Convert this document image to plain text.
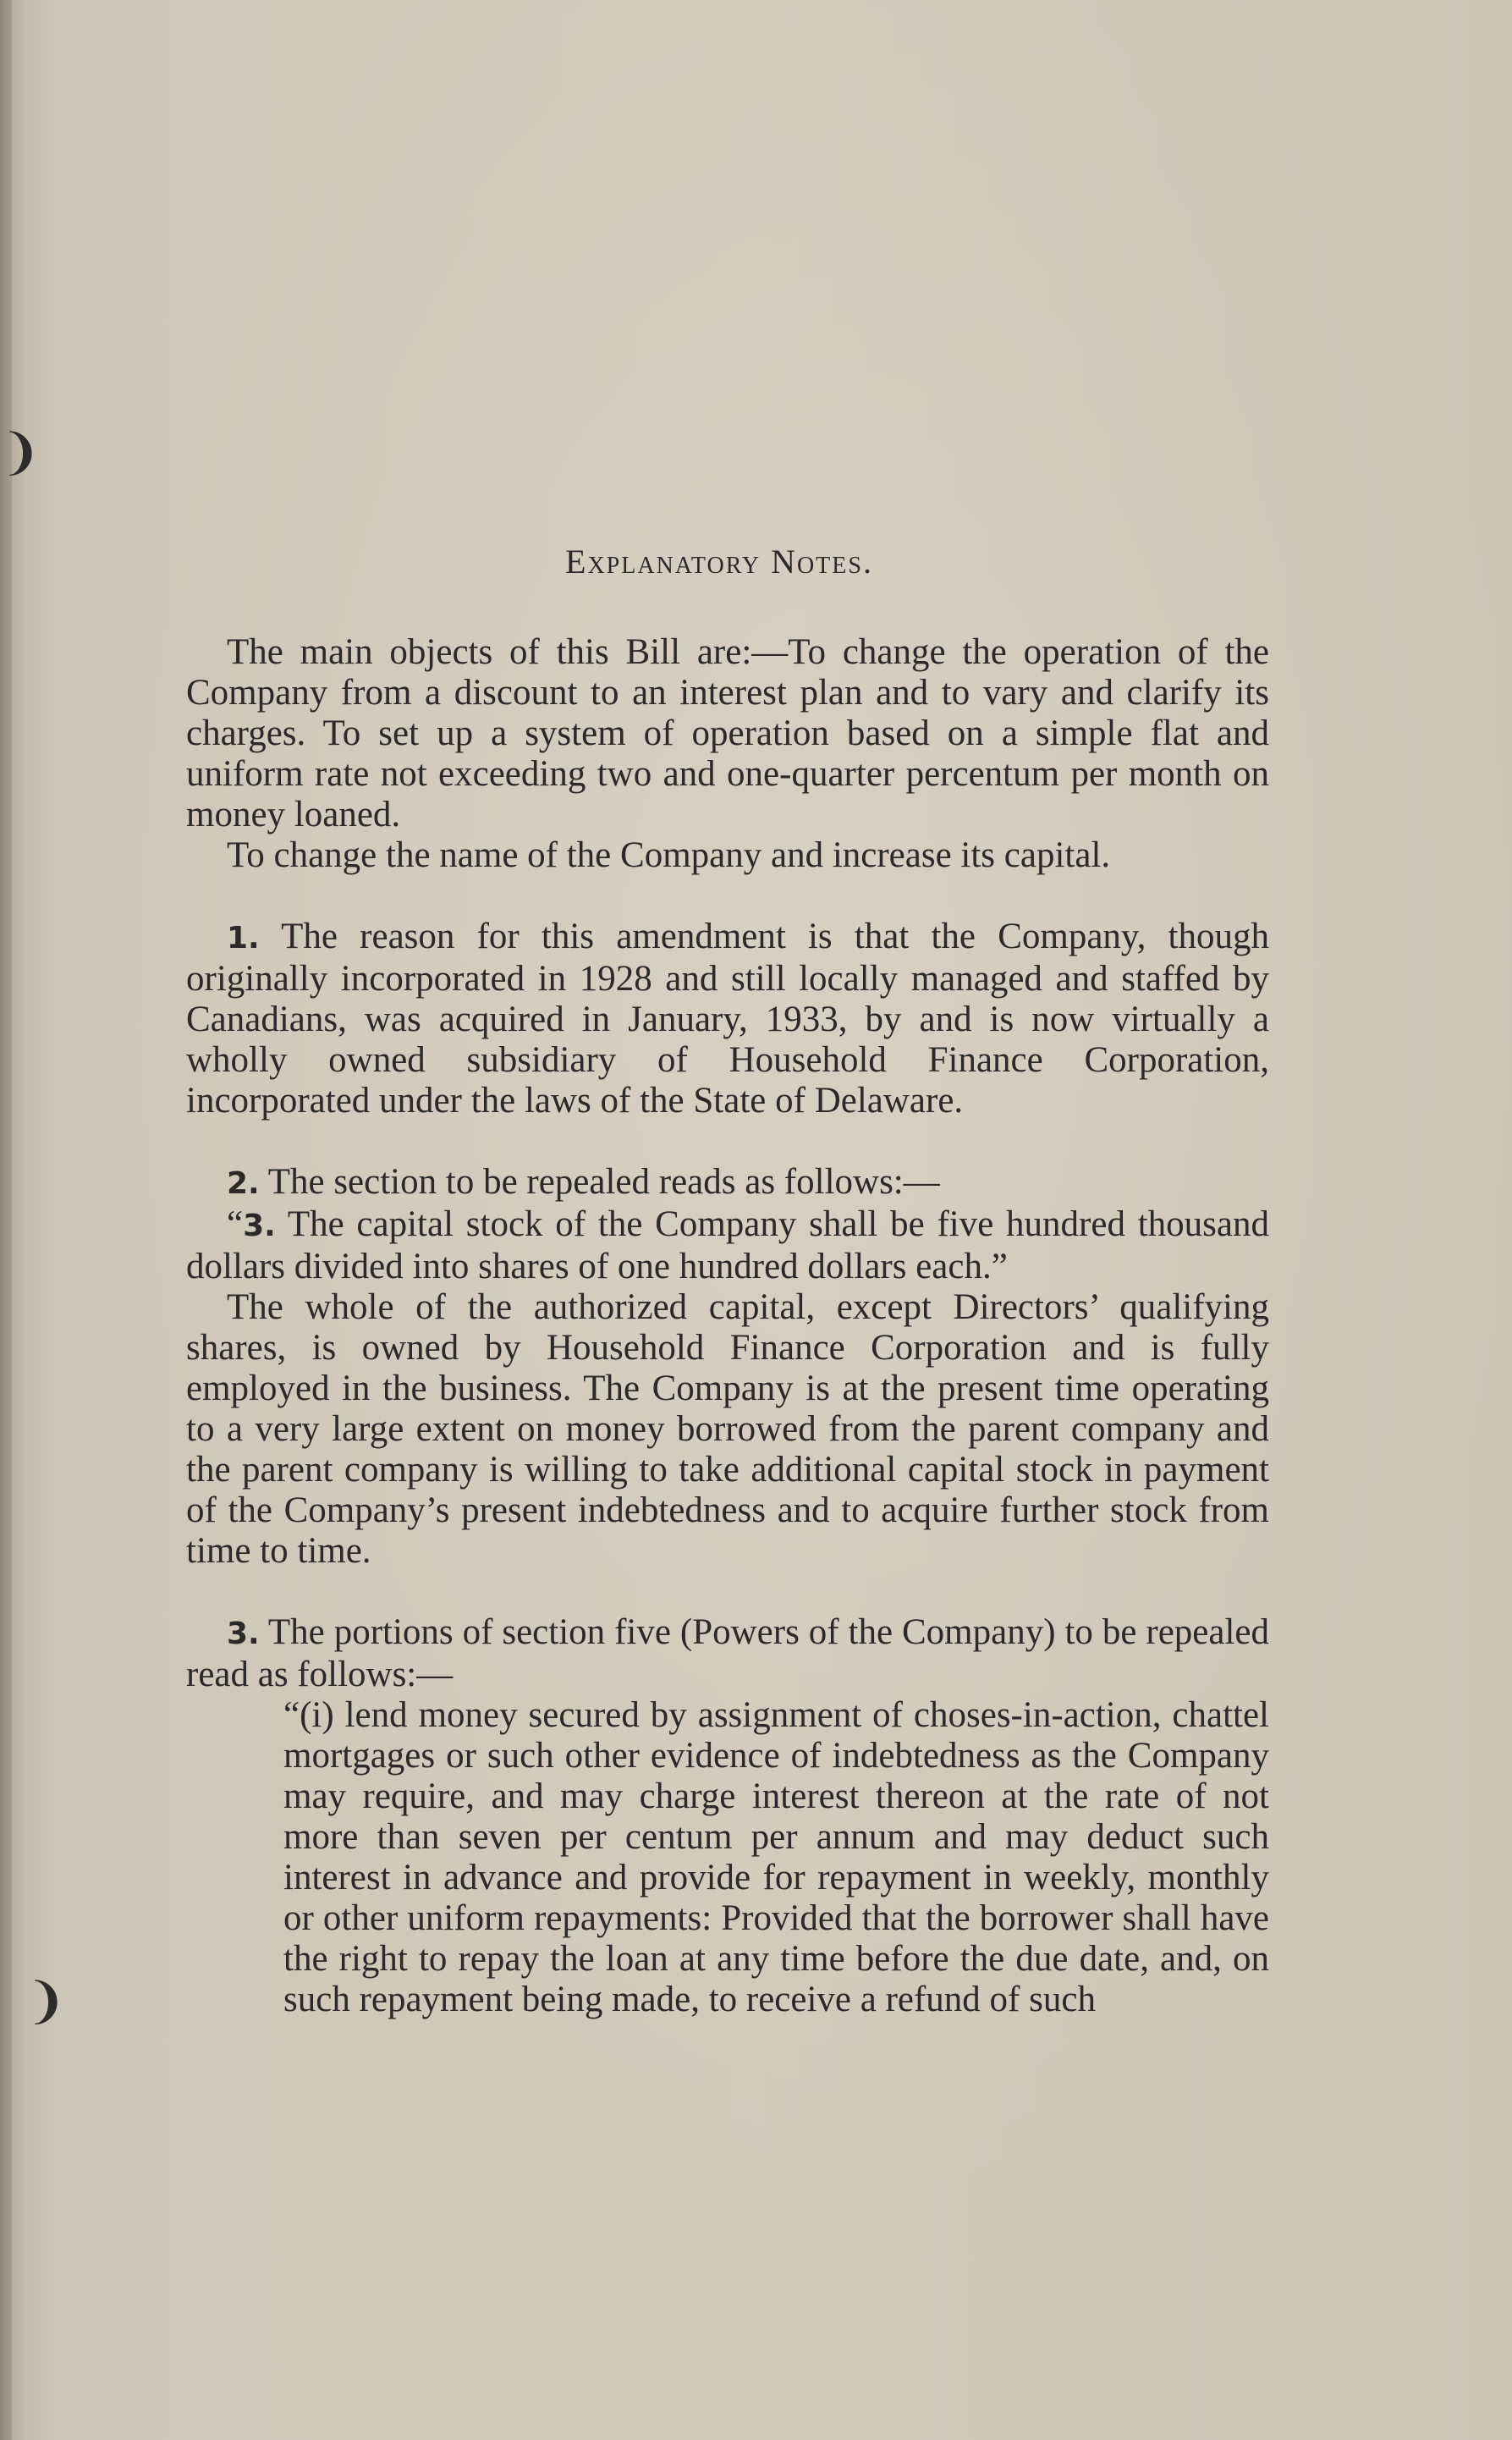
❩
❩
Explanatory Notes.

The main objects of this Bill are:—To change the operation of the Company from a discount to an interest plan and to vary and clarify its charges. To set up a system of operation based on a simple flat and uniform rate not exceeding two and one-quarter percentum per month on money loaned.

To change the name of the Company and increase its capital.

1. The reason for this amendment is that the Company, though originally incorporated in 1928 and still locally managed and staffed by Canadians, was acquired in January, 1933, by and is now virtually a wholly owned subsidiary of Household Finance Corporation, incorporated under the laws of the State of Delaware.

2. The section to be repealed reads as follows:—

“3. The capital stock of the Company shall be five hundred thousand dollars divided into shares of one hundred dollars each.”

The whole of the authorized capital, except Directors’ qualifying shares, is owned by Household Finance Corporation and is fully employed in the business. The Company is at the present time operating to a very large extent on money borrowed from the parent company and the parent company is willing to take additional capital stock in payment of the Company’s present indebtedness and to acquire further stock from time to time.

3. The portions of section five (Powers of the Company) to be repealed read as follows:—

“(i) lend money secured by assignment of choses-in-action, chattel mortgages or such other evidence of indebtedness as the Company may require, and may charge interest thereon at the rate of not more than seven per centum per annum and may deduct such interest in advance and provide for repayment in weekly, monthly or other uniform repayments: Provided that the borrower shall have the right to repay the loan at any time before the due date, and, on such repayment being made, to receive a refund of such
